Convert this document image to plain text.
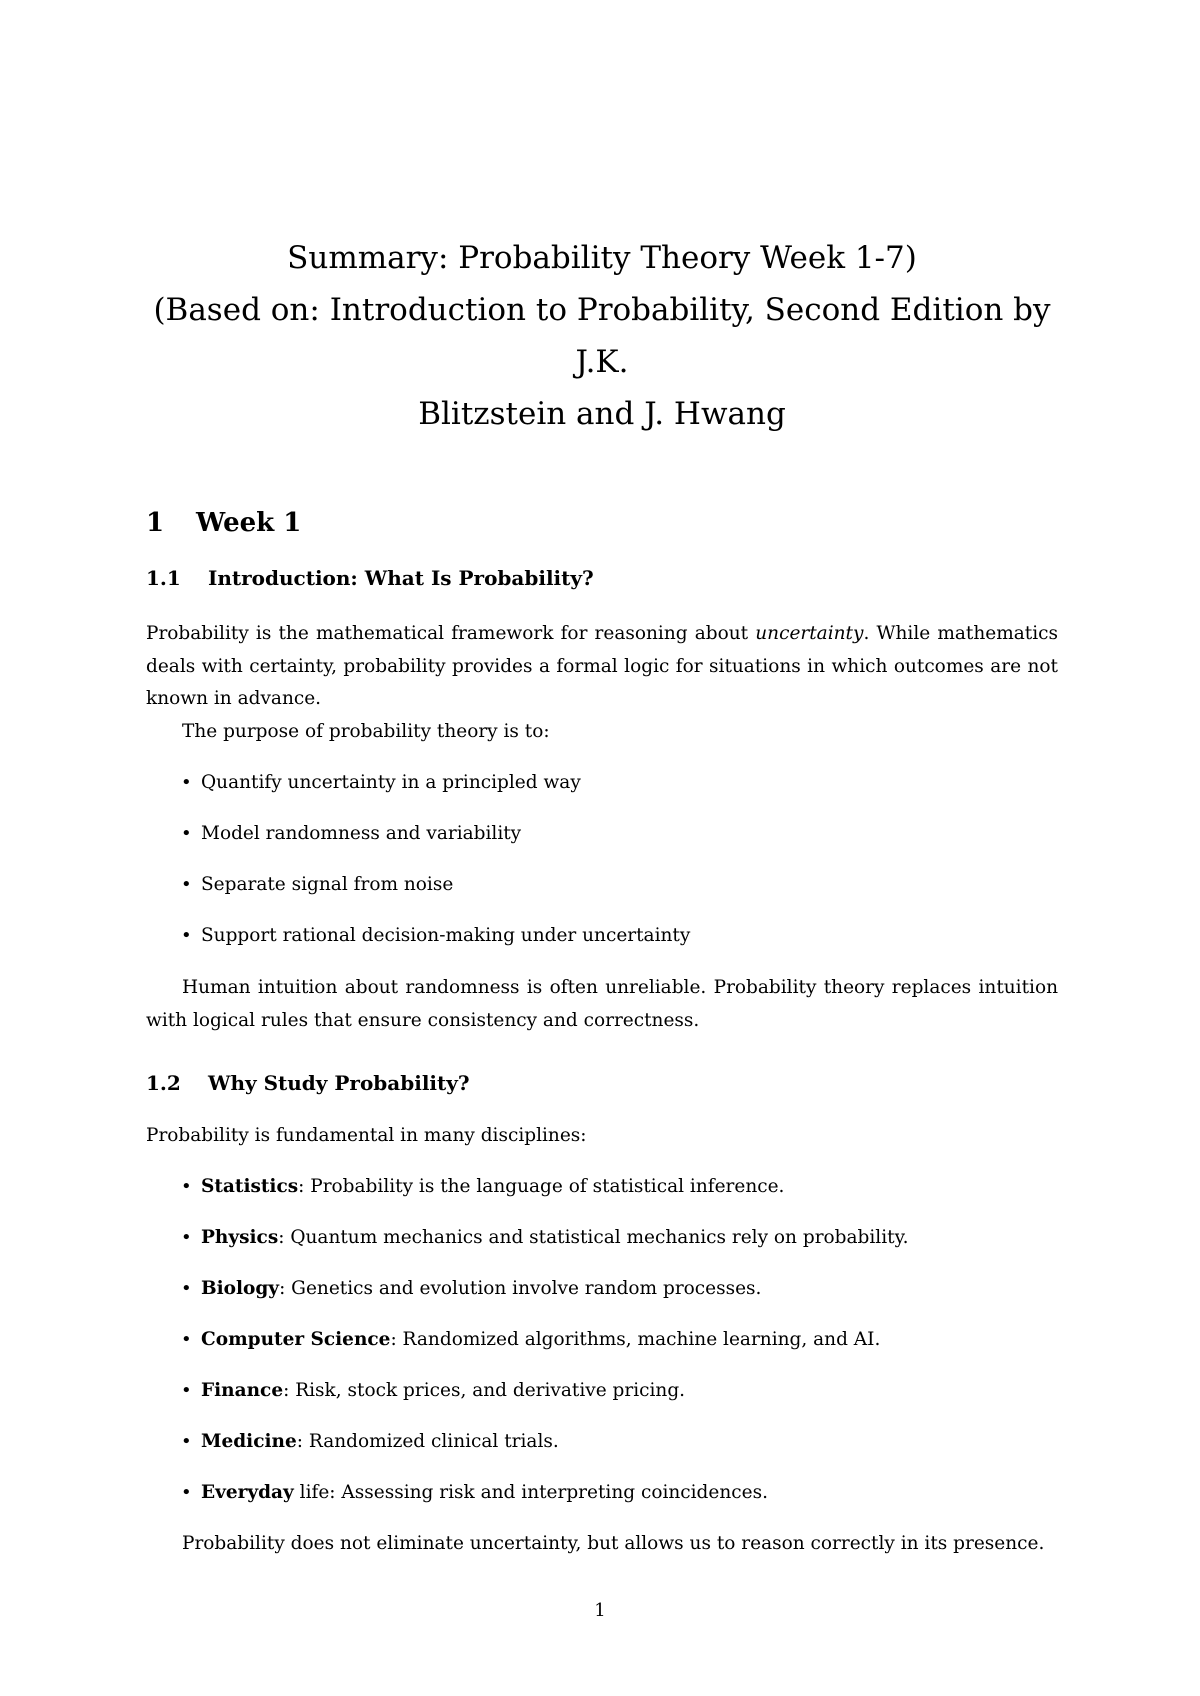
Summary: Probability Theory Week 1-7)
(Based on: Introduction to Probability, Second Edition by J.K.
Blitzstein and J. Hwang
1 Week 1
1.1 Introduction: What Is Probability?

Probability is the mathematical framework for reasoning about uncertainty. While mathematics deals with certainty, probability provides a formal logic for situations in which outcomes are not known in advance.

The purpose of probability theory is to:

• Quantify uncertainty in a principled way
• Model randomness and variability
• Separate signal from noise
• Support rational decision-making under uncertainty

Human intuition about randomness is often unreliable. Probability theory replaces intuition with logical rules that ensure consistency and correctness.

1.2 Why Study Probability?

Probability is fundamental in many disciplines:

• Statistics: Probability is the language of statistical inference.
• Physics: Quantum mechanics and statistical mechanics rely on probability.
• Biology: Genetics and evolution involve random processes.
• Computer Science: Randomized algorithms, machine learning, and AI.
• Finance: Risk, stock prices, and derivative pricing.
• Medicine: Randomized clinical trials.
• Everyday life: Assessing risk and interpreting coincidences.

Probability does not eliminate uncertainty, but allows us to reason correctly in its presence.

1
